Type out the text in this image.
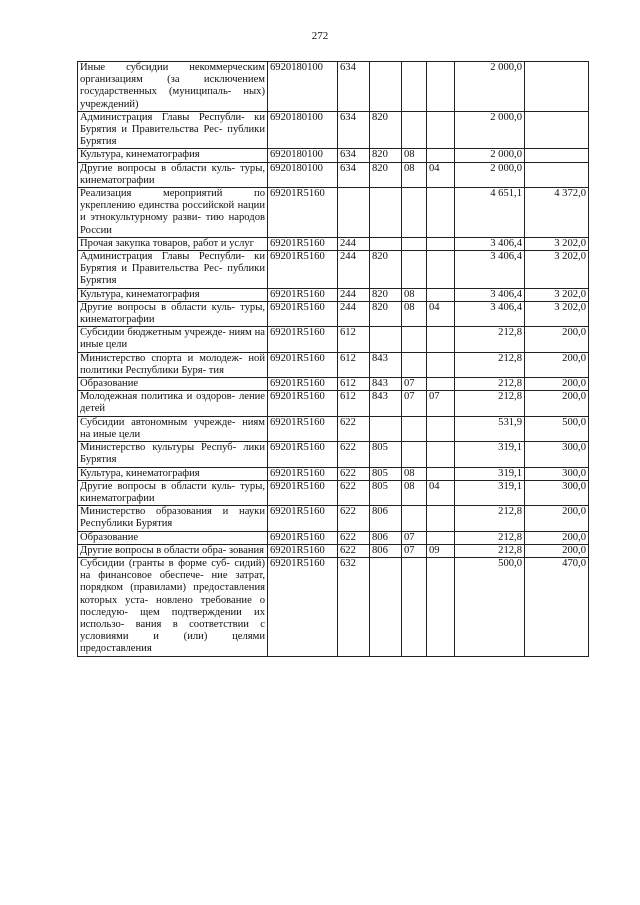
272
Иные субсидии некоммерческим организациям (за исключением государственных (муниципаль- ных) учреждений)	6920180100	634				2 000,0	
Администрация Главы Республи- ки Бурятия и Правительства Рес- публики Бурятия	6920180100	634	820			2 000,0	
Культура, кинематография	6920180100	634	820	08		2 000,0	
Другие вопросы в области куль- туры, кинематографии	6920180100	634	820	08	04	2 000,0	
Реализация мероприятий по укреплению единства российской нации и этнокультурному разви- тию народов России	69201R5160					4 651,1	4 372,0
Прочая закупка товаров, работ и услуг	69201R5160	244				3 406,4	3 202,0
Администрация Главы Республи- ки Бурятия и Правительства Рес- публики Бурятия	69201R5160	244	820			3 406,4	3 202,0
Культура, кинематография	69201R5160	244	820	08		3 406,4	3 202,0
Другие вопросы в области куль- туры, кинематографии	69201R5160	244	820	08	04	3 406,4	3 202,0
Субсидии бюджетным учрежде- ниям на иные цели	69201R5160	612				212,8	200,0
Министерство спорта и молодеж- ной политики Республики Буря- тия	69201R5160	612	843			212,8	200,0
Образование	69201R5160	612	843	07		212,8	200,0
Молодежная политика и оздоров- ление детей	69201R5160	612	843	07	07	212,8	200,0
Субсидии автономным учрежде- ниям на иные цели	69201R5160	622				531,9	500,0
Министерство культуры Респуб- лики Бурятия	69201R5160	622	805			319,1	300,0
Культура, кинематография	69201R5160	622	805	08		319,1	300,0
Другие вопросы в области куль- туры, кинематографии	69201R5160	622	805	08	04	319,1	300,0
Министерство образования и науки Республики Бурятия	69201R5160	622	806			212,8	200,0
Образование	69201R5160	622	806	07		212,8	200,0
Другие вопросы в области обра- зования	69201R5160	622	806	07	09	212,8	200,0
Субсидии (гранты в форме суб- сидий) на финансовое обеспече- ние затрат, порядком (правилами) предоставления которых уста- новлено требование о последую- щем подтверждении их использо- вания в соответствии с условиями и (или) целями предоставления	69201R5160	632				500,0	470,0
